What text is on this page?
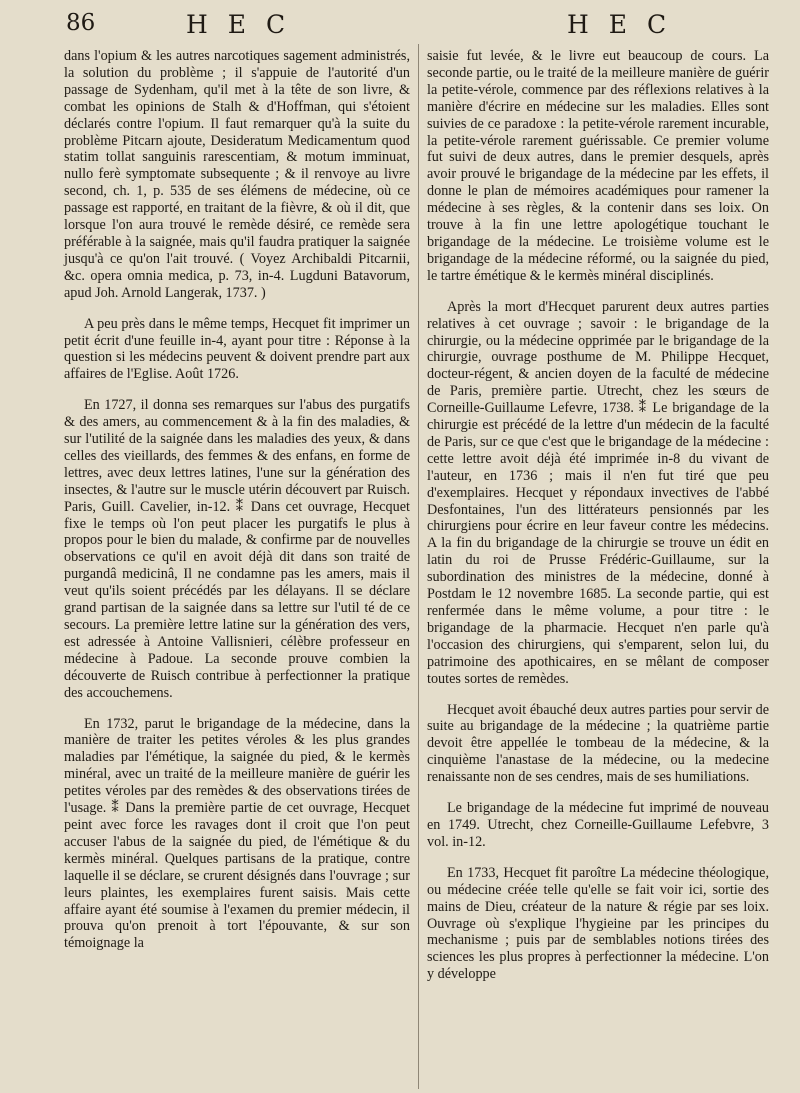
86	H E C	H E C

dans l'opium & les autres narcotiques sagement administrés, la solution du problème ; il s'appuie de l'autorité d'un passage de Sydenham, qu'il met à la tête de son livre, & combat les opinions de Stalh & d'Hoffman, qui s'étoient déclarés contre l'opium. Il faut remarquer qu'à la suite du problème Pitcarn ajoute, Desideratum Medicamentum quod statim tollat sanguinis rarescentiam, & motum imminuat, nullo ferè symptomate subsequente ; & il renvoye au livre second, ch. 1, p. 535 de ses élémens de médecine, où ce passage est rapporté, en traitant de la fièvre, & où il dit, que lorsque l'on aura trouvé le remède désiré, ce remède sera préférable à la saignée, mais qu'il faudra pratiquer la saignée jusqu'à ce qu'on l'ait trouvé. ( Voyez Archibaldi Pitcarnii, &c. opera omnia medica, p. 73, in-4. Lugduni Batavorum, apud Joh. Arnold Langerak, 1737. )

A peu près dans le même temps, Hecquet fit imprimer un petit écrit d'une feuille in-4, ayant pour titre : Réponse à la question si les médecins peuvent & doivent prendre part aux affaires de l'Eglise. Août 1726.

En 1727, il donna ses remarques sur l'abus des purgatifs & des amers, au commencement & à la fin des maladies, & sur l'utilité de la saignée dans les maladies des yeux, & dans celles des vieillards, des femmes & des enfans, en forme de lettres, avec deux lettres latines, l'une sur la génération des insectes, & l'autre sur le muscle utérin découvert par Ruisch. Paris, Guill. Cavelier, in-12. ⁑ Dans cet ouvrage, Hecquet fixe le temps où l'on peut placer les purgatifs le plus à propos pour le bien du malade, & confirme par de nouvelles observations ce qu'il en avoit déjà dit dans son traité de purgandâ medicinâ, Il ne condamne pas les amers, mais il veut qu'ils soient précédés par les délayans. Il se déclare grand partisan de la saignée dans sa lettre sur l'util té de ce secours. La première lettre latine sur la génération des vers, est adressée à Antoine Vallisnieri, célèbre professeur en médecine à Padoue. La seconde prouve combien la découverte de Ruisch contribue à perfectionner la pratique des accouchemens.

En 1732, parut le brigandage de la médecine, dans la manière de traiter les petites véroles & les plus grandes maladies par l'émétique, la saignée du pied, & le kermès minéral, avec un traité de la meilleure manière de guérir les petites véroles par des remèdes & des observations tirées de l'usage. ⁑ Dans la première partie de cet ouvrage, Hecquet peint avec force les ravages dont il croit que l'on peut accuser l'abus de la saignée du pied, de l'émétique & du kermès minéral. Quelques partisans de la pratique, contre laquelle il se déclare, se crurent désignés dans l'ouvrage ; sur leurs plaintes, les exemplaires furent saisis. Mais cette affaire ayant été soumise à l'examen du premier médecin, il prouva qu'on prenoit à tort l'épouvante, & sur son témoignage la

saisie fut levée, & le livre eut beaucoup de cours. La seconde partie, ou le traité de la meilleure manière de guérir la petite-vérole, commence par des réflexions relatives à la manière d'écrire en médecine sur les maladies. Elles sont suivies de ce paradoxe : la petite-vérole rarement incurable, la petite-vérole rarement guérissable. Ce premier volume fut suivi de deux autres, dans le premier desquels, après avoir prouvé le brigandage de la médecine par les effets, il donne le plan de mémoires académiques pour ramener la médecine à ses règles, & la contenir dans ses loix. On trouve à la fin une lettre apologétique touchant le brigandage de la médecine. Le troisième volume est le brigandage de la médecine réformé, ou la saignée du pied, le tartre émétique & le kermès minéral disciplinés.

Après la mort d'Hecquet parurent deux autres parties relatives à cet ouvrage ; savoir : le brigandage de la chirurgie, ou la médecine opprimée par le brigandage de la chirurgie, ouvrage posthume de M. Philippe Hecquet, docteur-régent, & ancien doyen de la faculté de médecine de Paris, première partie. Utrecht, chez les sœurs de Corneille-Guillaume Lefevre, 1738. ⁑ Le brigandage de la chirurgie est précédé de la lettre d'un médecin de la faculté de Paris, sur ce que c'est que le brigandage de la médecine : cette lettre avoit déjà été imprimée in-8 du vivant de l'auteur, en 1736 ; mais il n'en fut tiré que peu d'exemplaires. Hecquet y répondaux invectives de l'abbé Desfontaines, l'un des littérateurs pensionnés par les chirurgiens pour écrire en leur faveur contre les médecins. A la fin du brigandage de la chirurgie se trouve un édit en latin du roi de Prusse Frédéric-Guillaume, sur la subordination des ministres de la médecine, donné à Postdam le 12 novembre 1685. La seconde partie, qui est renfermée dans le même volume, a pour titre : le brigandage de la pharmacie. Hecquet n'en parle qu'à l'occasion des chirurgiens, qui s'emparent, selon lui, du patrimoine des apothicaires, en se mêlant de composer toutes sortes de remèdes.

Hecquet avoit ébauché deux autres parties pour servir de suite au brigandage de la médecine ; la quatrième partie devoit être appellée le tombeau de la médecine, & la cinquième l'anastase de la médecine, ou la medecine renaissante non de ses cendres, mais de ses humiliations.

Le brigandage de la médecine fut imprimé de nouveau en 1749. Utrecht, chez Corneille-Guillaume Lefebvre, 3 vol. in-12.

En 1733, Hecquet fit paroître La médecine théologique, ou médecine créée telle qu'elle se fait voir ici, sortie des mains de Dieu, créateur de la nature & régie par ses loix. Ouvrage où s'explique l'hygieine par les principes du mechanisme ; puis par de semblables notions tirées des sciences les plus propres à perfectionner la médecine. L'on y développe
